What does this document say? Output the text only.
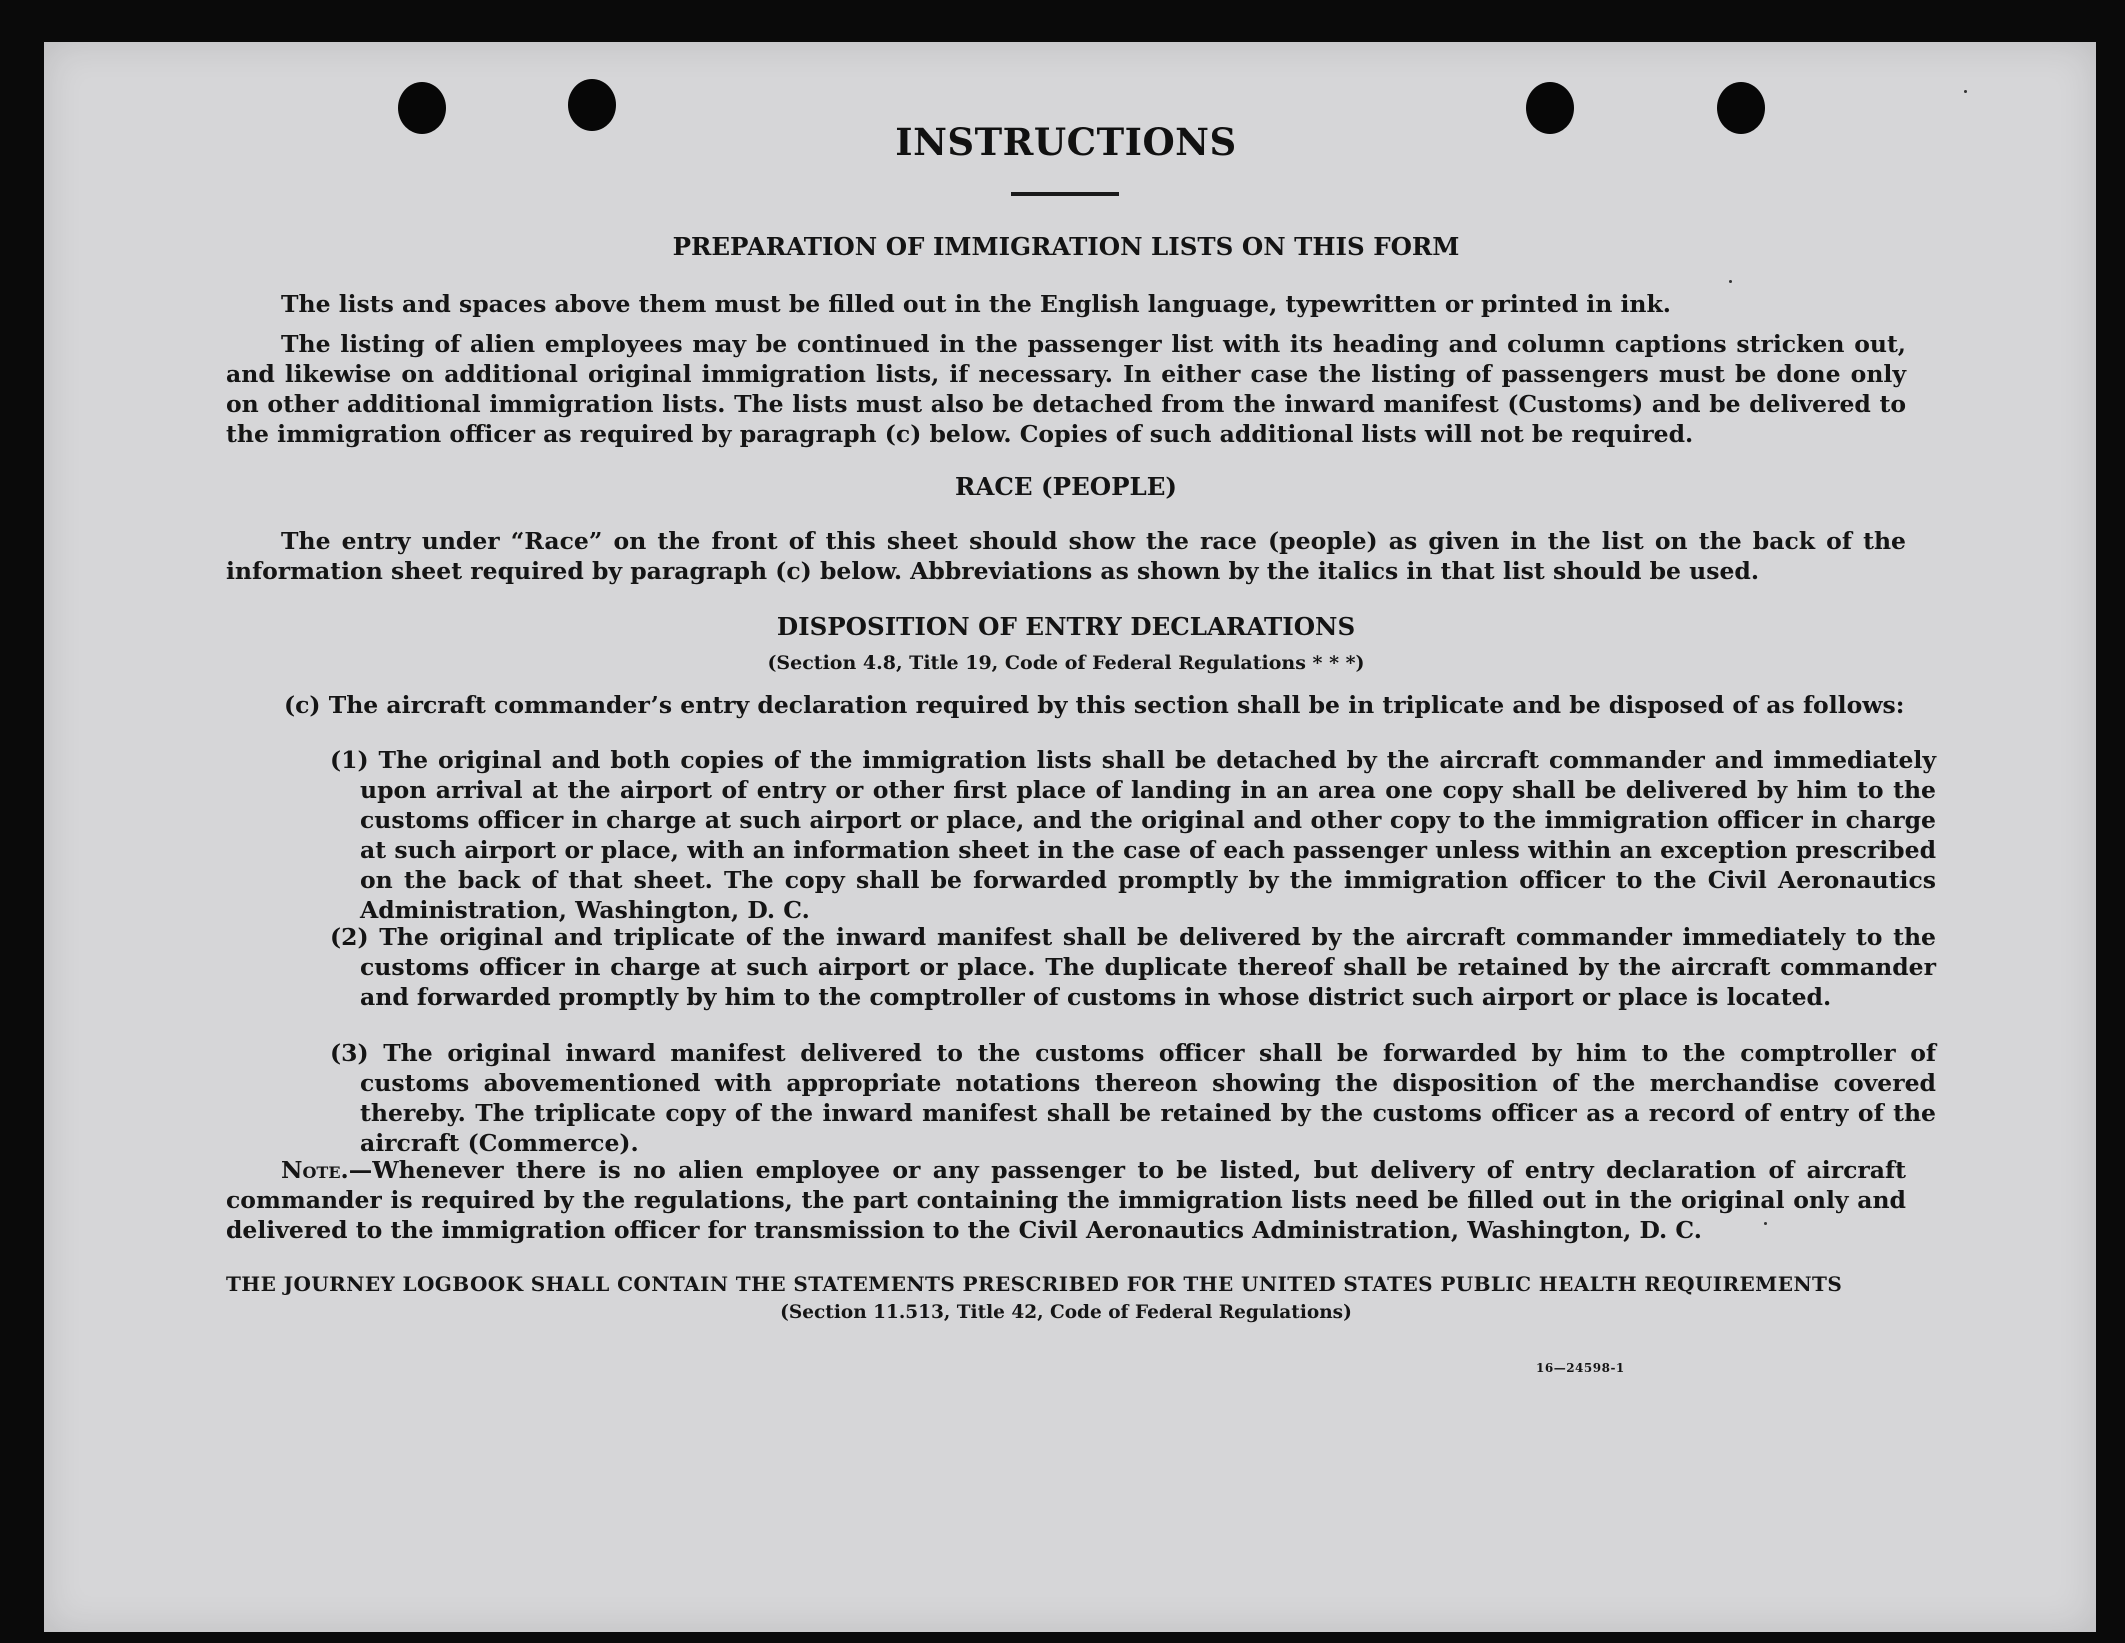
INSTRUCTIONS
PREPARATION OF IMMIGRATION LISTS ON THIS FORM
The lists and spaces above them must be filled out in the English language, typewritten or printed in ink.
The listing of alien employees may be continued in the passenger list with its heading and column captions stricken out, and likewise on additional original immigration lists, if necessary. In either case the listing of passengers must be done only on other additional immigration lists. The lists must also be detached from the inward manifest (Customs) and be delivered to the immigration officer as required by paragraph (c) below. Copies of such additional lists will not be required.
RACE (PEOPLE)
The entry under “Race” on the front of this sheet should show the race (people) as given in the list on the back of the information sheet required by paragraph (c) below. Abbreviations as shown by the italics in that list should be used.
DISPOSITION OF ENTRY DECLARATIONS
(Section 4.8, Title 19, Code of Federal Regulations * * *)
(c) The aircraft commander’s entry declaration required by this section shall be in triplicate and be disposed of as follows:
(1) The original and both copies of the immigration lists shall be detached by the aircraft commander and immediately upon arrival at the airport of entry or other first place of landing in an area one copy shall be delivered by him to the customs officer in charge at such airport or place, and the original and other copy to the immigration officer in charge at such airport or place, with an information sheet in the case of each passenger unless within an exception prescribed on the back of that sheet. The copy shall be forwarded promptly by the immigration officer to the Civil Aeronautics Administration, Washington, D. C.
(2) The original and triplicate of the inward manifest shall be delivered by the aircraft commander immediately to the customs officer in charge at such airport or place. The duplicate thereof shall be retained by the aircraft commander and forwarded promptly by him to the comptroller of customs in whose district such airport or place is located.
(3) The original inward manifest delivered to the customs officer shall be forwarded by him to the comptroller of customs abovementioned with appropriate notations thereon showing the disposition of the merchandise covered thereby. The triplicate copy of the inward manifest shall be retained by the customs officer as a record of entry of the aircraft (Commerce).
Note.—Whenever there is no alien employee or any passenger to be listed, but delivery of entry declaration of aircraft commander is required by the regulations, the part containing the immigration lists need be filled out in the original only and delivered to the immigration officer for transmission to the Civil Aeronautics Administration, Washington, D. C.
THE JOURNEY LOGBOOK SHALL CONTAIN THE STATEMENTS PRESCRIBED FOR THE UNITED STATES PUBLIC HEALTH REQUIREMENTS
(Section 11.513, Title 42, Code of Federal Regulations)
16—24598-1
